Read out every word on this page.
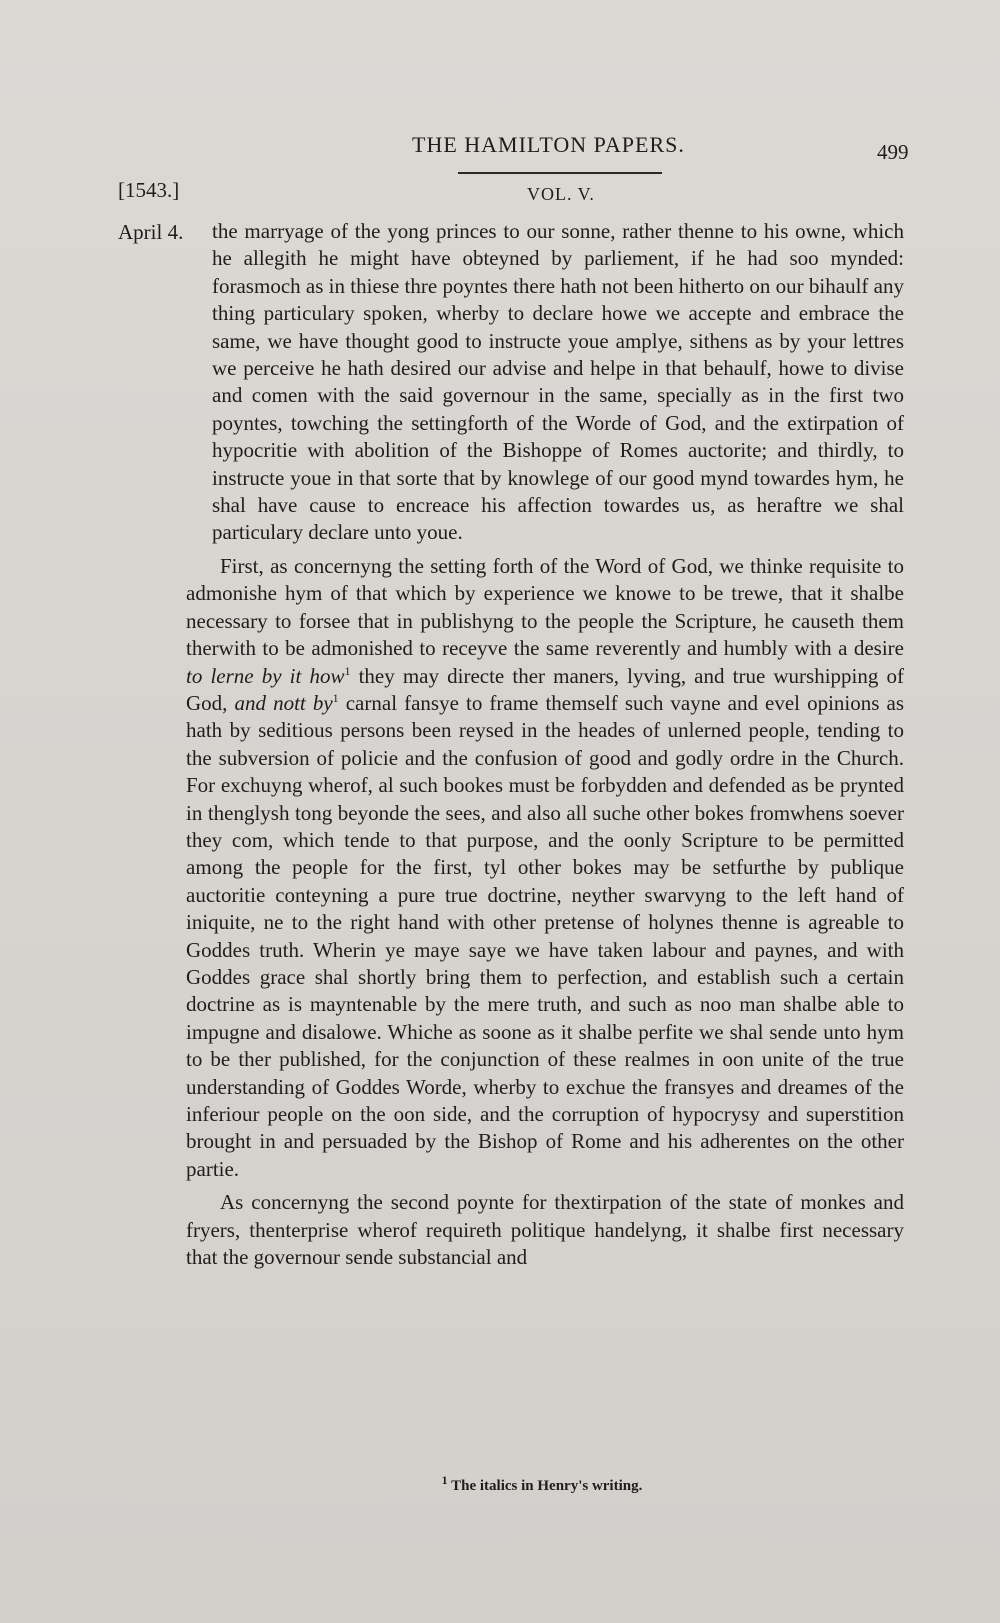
THE HAMILTON PAPERS.	499
[1543.]	VOL. V.
April 4.	the marryage of the yong princes to our sonne, rather thenne to his owne, which he allegith he might have obteyned by parliement, if he had soo mynded: forasmoch as in thiese thre poyntes there hath not been hitherto on our bihaulf any thing particulary spoken, wherby to declare howe we accepte and embrace the same, we have thought good to instructe youe amplye, sithens as by your lettres we perceive he hath desired our advise and helpe in that behaulf, howe to divise and comen with the said governour in the same, specially as in the first two poyntes, towching the settingforth of the Worde of God, and the extirpation of hypocritie with abolition of the Bishoppe of Romes auctorite; and thirdly, to instructe youe in that sorte that by knowlege of our good mynd towardes hym, he shal have cause to encreace his affection towardes us, as heraftre we shal particulary declare unto youe.

First, as concernyng the setting forth of the Word of God, we thinke requisite to admonishe hym of that which by experience we knowe to be trewe, that it shalbe necessary to forsee that in publishyng to the people the Scripture, he causeth them therwith to be admonished to receyve the same reverently and humbly with a desire to lerne by it how$^1$ they may directe ther maners, lyving, and true wurshipping of God, and nott $by^1$ carnal fansye to frame themself such vayne and evel opinions as hath by seditious persons been reysed in the heades of unlerned people, tending to the subversion of policie and the confusion of good and godly ordre in the Church. For exchuyng wherof, al such bookes must be forbydden and defended as be prynted in thenglysh tong beyonde the sees, and also all suche other bokes fromwhens soever they com, which tende to that purpose, and the oonly Scripture to be permitted among the people for the first, tyl other bokes may be setfurthe by publique auctoritie conteyning a pure true doctrine, neyther swarvyng to the left hand of iniquite, ne to the right hand with other pretense of holynes thenne is agreable to Goddes truth. Wherin ye maye saye we have taken labour and paynes, and with Goddes grace shal shortly bring them to perfection, and establish such a certain doctrine as is mayntenable by the mere truth, and such as noo man shalbe able to impugne and disalowe. Whiche as soone as it shalbe perfite we shal sende unto hym to be ther published, for the conjunction of these realmes in oon unite of the true understanding of Goddes Worde, wherby to exchue the fransyes and dreames of the inferiour people on the oon side, and the corruption of hypocrysy and superstition brought in and persuaded by the Bishop of Rome and his adherentes on the other partie.

As concernyng the second poynte for thextirpation of the state of monkes and fryers, thenterprise wherof requireth politique handelyng, it shalbe first necessary that the governour sende substancial and

$^1$ The italics in Henry's writing.
